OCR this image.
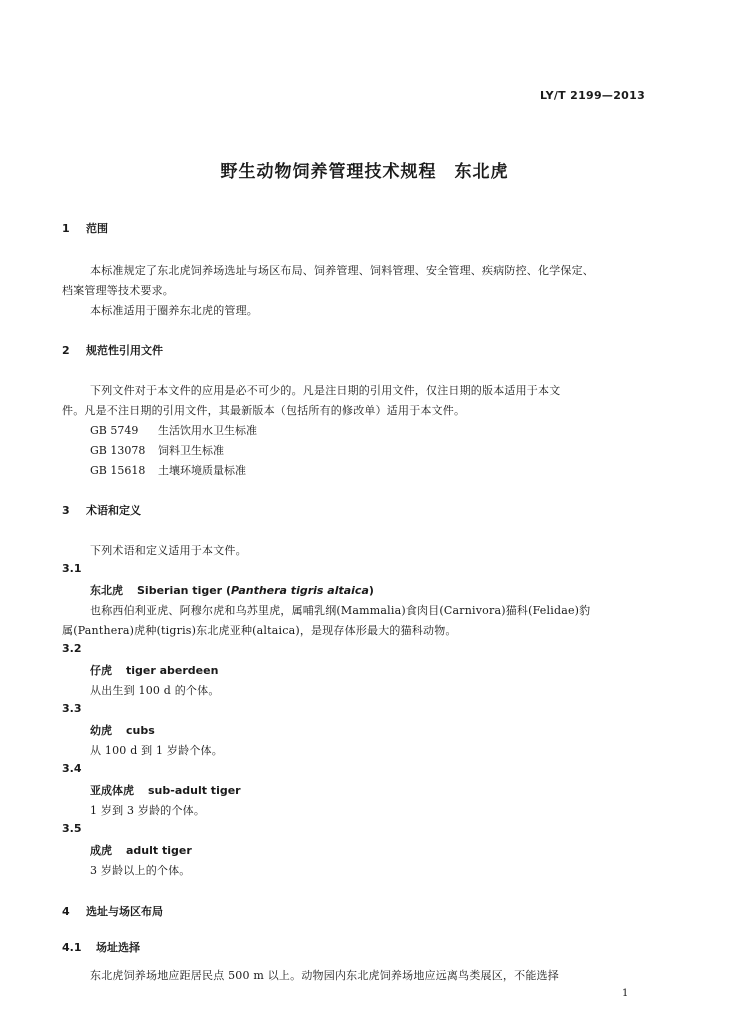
LY/T 2199—2013
野生动物饲养管理技术规程　东北虎
1 范围
本标准规定了东北虎饲养场选址与场区布局、饲养管理、饲料管理、安全管理、疾病防控、化学保定、
档案管理等技术要求。
本标准适用于圈养东北虎的管理。
2 规范性引用文件
下列文件对于本文件的应用是必不可少的。凡是注日期的引用文件，仅注日期的版本适用于本文
件。凡是不注日期的引用文件，其最新版本（包括所有的修改单）适用于本文件。
GB 5749 生活饮用水卫生标准
GB 13078 饲料卫生标准
GB 15618 土壤环境质量标准
3 术语和定义
下列术语和定义适用于本文件。
3.1
东北虎 Siberian tiger (Panthera tigris altaica)
也称西伯利亚虎、阿穆尔虎和乌苏里虎，属哺乳纲(Mammalia)食肉目(Carnivora)猫科(Felidae)豹
属(Panthera)虎种(tigris)东北虎亚种(altaica)，是现存体形最大的猫科动物。
3.2
仔虎 tiger aberdeen
从出生到 100 d 的个体。
3.3
幼虎 cubs
从 100 d 到 1 岁龄个体。
3.4
亚成体虎 sub-adult tiger
1 岁到 3 岁龄的个体。
3.5
成虎 adult tiger
3 岁龄以上的个体。
4 选址与场区布局
4.1 场址选择
东北虎饲养场地应距居民点 500 m 以上。动物园内东北虎饲养场地应远离鸟类展区，不能选择
1
